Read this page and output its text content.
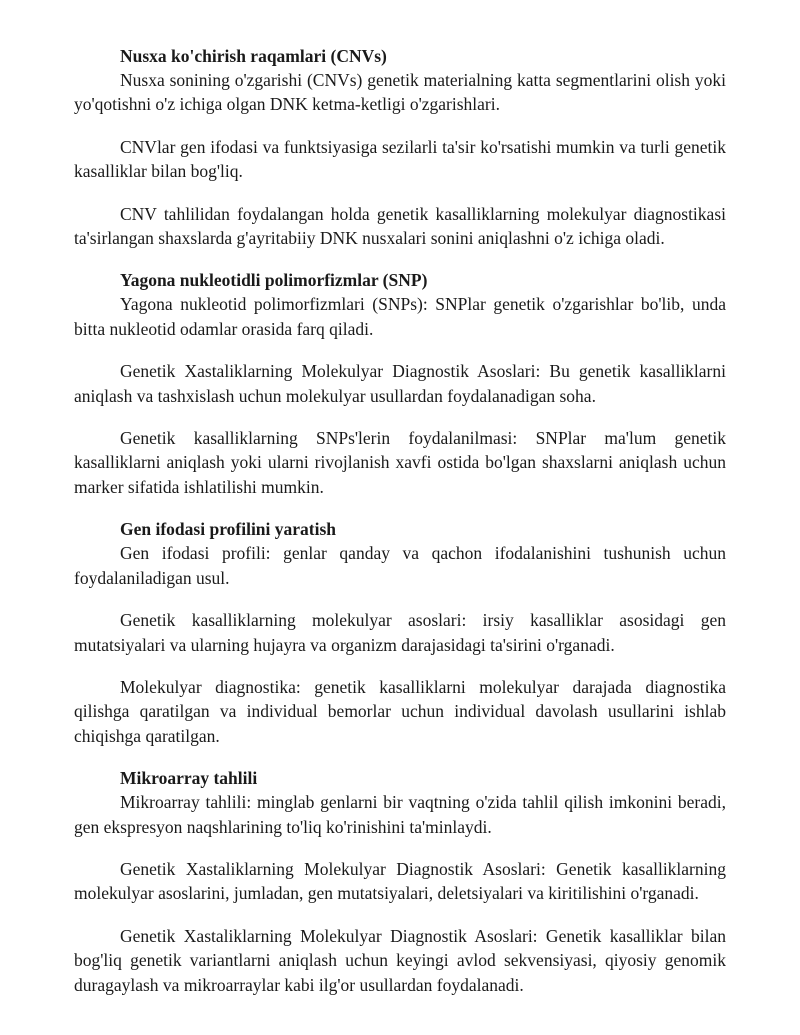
Nusxa ko'chirish raqamlari (CNVs)

Nusxa sonining o'zgarishi (CNVs) genetik materialning katta segmentlarini olish yoki yo'qotishni o'z ichiga olgan DNK ketma-ketligi o'zgarishlari.

CNVlar gen ifodasi va funktsiyasiga sezilarli ta'sir ko'rsatishi mumkin va turli genetik kasalliklar bilan bog'liq.

CNV tahlilidan foydalangan holda genetik kasalliklarning molekulyar diagnostikasi ta'sirlangan shaxslarda g'ayritabiiy DNK nusxalari sonini aniqlashni o'z ichiga oladi.

Yagona nukleotidli polimorfizmlar (SNP)

Yagona nukleotid polimorfizmlari (SNPs): SNPlar genetik o'zgarishlar bo'lib, unda bitta nukleotid odamlar orasida farq qiladi.

Genetik Xastaliklarning Molekulyar Diagnostik Asoslari: Bu genetik kasalliklarni aniqlash va tashxislash uchun molekulyar usullardan foydalanadigan soha.

Genetik kasalliklarning SNPs'lerin foydalanilmasi: SNPlar ma'lum genetik kasalliklarni aniqlash yoki ularni rivojlanish xavfi ostida bo'lgan shaxslarni aniqlash uchun marker sifatida ishlatilishi mumkin.

Gen ifodasi profilini yaratish

Gen ifodasi profili: genlar qanday va qachon ifodalanishini tushunish uchun foydalaniladigan usul.

Genetik kasalliklarning molekulyar asoslari: irsiy kasalliklar asosidagi gen mutatsiyalari va ularning hujayra va organizm darajasidagi ta'sirini o'rganadi.

Molekulyar diagnostika: genetik kasalliklarni molekulyar darajada diagnostika qilishga qaratilgan va individual bemorlar uchun individual davolash usullarini ishlab chiqishga qaratilgan.

Mikroarray tahlili

Mikroarray tahlili: minglab genlarni bir vaqtning o'zida tahlil qilish imkonini beradi, gen ekspresyon naqshlarining to'liq ko'rinishini ta'minlaydi.

Genetik Xastaliklarning Molekulyar Diagnostik Asoslari: Genetik kasalliklarning molekulyar asoslarini, jumladan, gen mutatsiyalari, deletsiyalari va kiritilishini o'rganadi.

Genetik Xastaliklarning Molekulyar Diagnostik Asoslari: Genetik kasalliklar bilan bog'liq genetik variantlarni aniqlash uchun keyingi avlod sekvensiyasi, qiyosiy genomik duragaylash va mikroarraylar kabi ilg'or usullardan foydalanadi.
